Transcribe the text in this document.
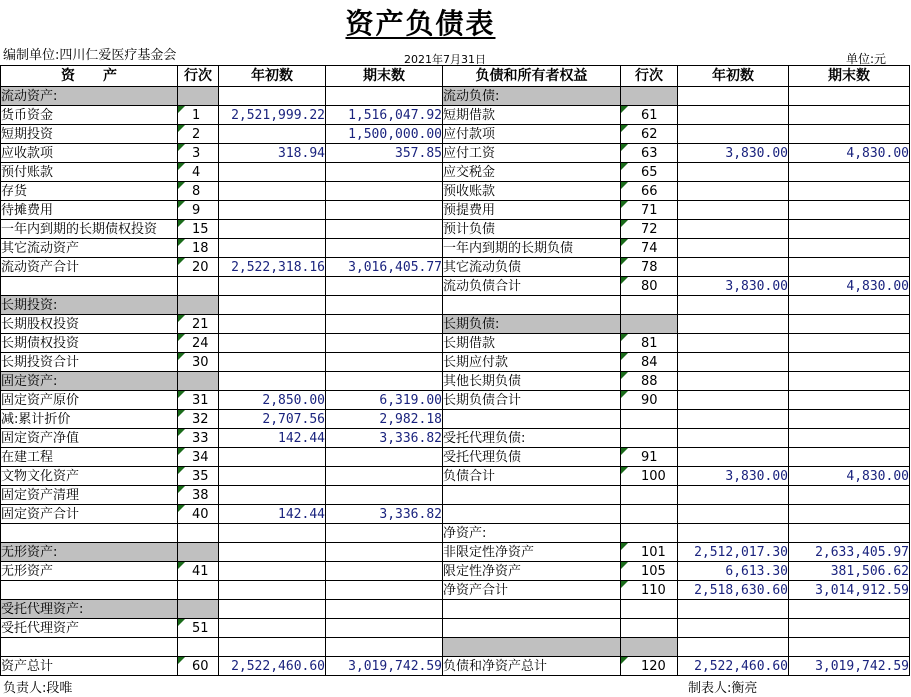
资产负债表
编制单位:四川仁爱医疗基金会	2021年7月31日	单位:元
资　　产	行次	年初数	期末数	负债和所有者权益	行次	年初数	期末数
流动资产:				流动负债:			
货币资金	1	2,521,999.22	1,516,047.92	短期借款	61		
短期投资	2		1,500,000.00	应付款项	62		
应收款项	3	318.94	357.85	应付工资	63	3,830.00	4,830.00
预付账款	4			应交税金	65		
存货	8			预收账款	66		
待摊费用	9			预提费用	71		
一年内到期的长期债权投资	15			预计负债	72		
其它流动资产	18			一年内到期的长期负债	74		
流动资产合计	20	2,522,318.16	3,016,405.77	其它流动负债	78		
				流动负债合计	80	3,830.00	4,830.00
长期投资:							
长期股权投资	21			长期负债:			
长期债权投资	24			长期借款	81		
长期投资合计	30			长期应付款	84		
固定资产:				其他长期负债	88		
固定资产原价	31	2,850.00	6,319.00	长期负债合计	90		
减:累计折价	32	2,707.56	2,982.18				
固定资产净值	33	142.44	3,336.82	受托代理负债:			
在建工程	34			受托代理负债	91		
文物文化资产	35			负债合计	100	3,830.00	4,830.00
固定资产清理	38						
固定资产合计	40	142.44	3,336.82				
				净资产:			
无形资产:				非限定性净资产	101	2,512,017.30	2,633,405.97
无形资产	41			限定性净资产	105	6,613.30	381,506.62
				净资产合计	110	2,518,630.60	3,014,912.59
受托代理资产:							
受托代理资产	51						

资产总计	60	2,522,460.60	3,019,742.59	负债和净资产总计	120	2,522,460.60	3,019,742.59
负责人:段唯	制表人:衡亮
